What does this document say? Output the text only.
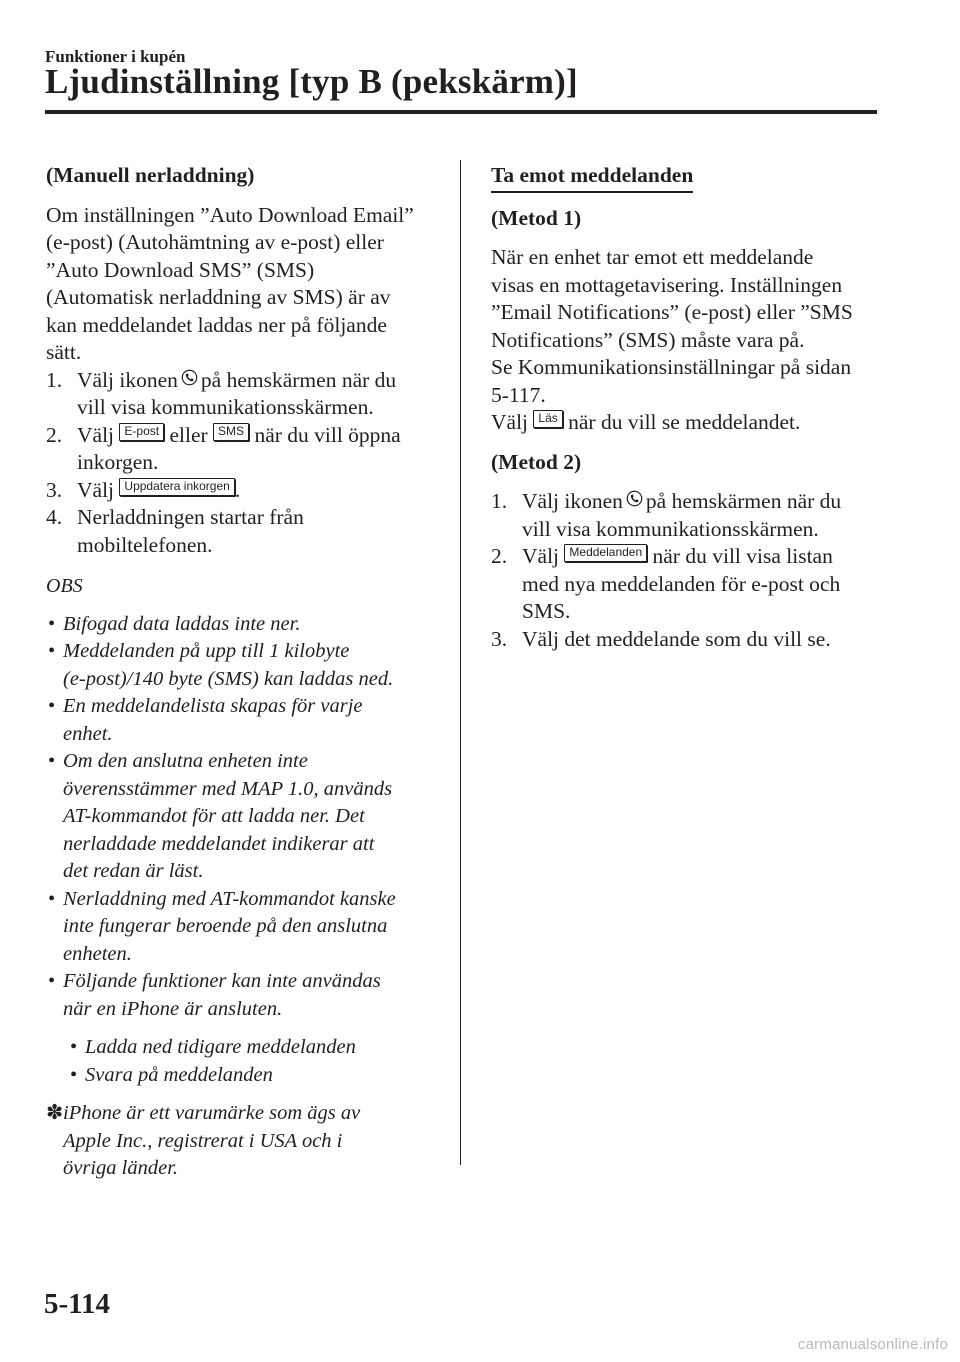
Funktioner i kupén
Ljudinställning [typ B (pekskärm)]

(Manuell nerladdning)

Om inställningen ”Auto Download Email”

(e-post) (Autohämtning av e-post) eller

”Auto Download SMS” (SMS)

(Automatisk nerladdning av SMS) är av

kan meddelandet laddas ner på följande

sätt.

1. Välj ikonen på hemskärmen när du
vill visa kommunikationsskärmen.
2. Välj E-post eller SMS när du vill öppna
inkorgen.
3. Välj Uppdatera inkorgen .
4. Nerladdningen startar från
mobiltelefonen.

OBS

• Bifogad data laddas inte ner.
• Meddelanden på upp till 1 kilobyte
(e-post)/140 byte (SMS) kan laddas ned.
• En meddelandelista skapas för varje
enhet.
• Om den anslutna enheten inte
överensstämmer med MAP 1.0, används
AT-kommandot för att ladda ner. Det
nerladdade meddelandet indikerar att
det redan är läst.
• Nerladdning med AT-kommandot kanske
inte fungerar beroende på den anslutna
enheten.
• Följande funktioner kan inte användas
när en iPhone är ansluten.
• Ladda ned tidigare meddelanden
• Svara på meddelanden
✽ iPhone är ett varumärke som ägs av
Apple Inc., registrerat i USA och i
övriga länder.
Ta emot meddelanden

(Metod 1)

När en enhet tar emot ett meddelande

visas en mottagetavisering. Inställningen

”Email Notifications” (e-post) eller ”SMS

Notifications” (SMS) måste vara på.

Se Kommunikationsinställningar på sidan

5-117.

Välj Läs när du vill se meddelandet.

(Metod 2)

1. Välj ikonen på hemskärmen när du
vill visa kommunikationsskärmen.
2. Välj Meddelanden när du vill visa listan
med nya meddelanden för e-post och
SMS.
3. Välj det meddelande som du vill se.
5-114
carmanualsonline.info
